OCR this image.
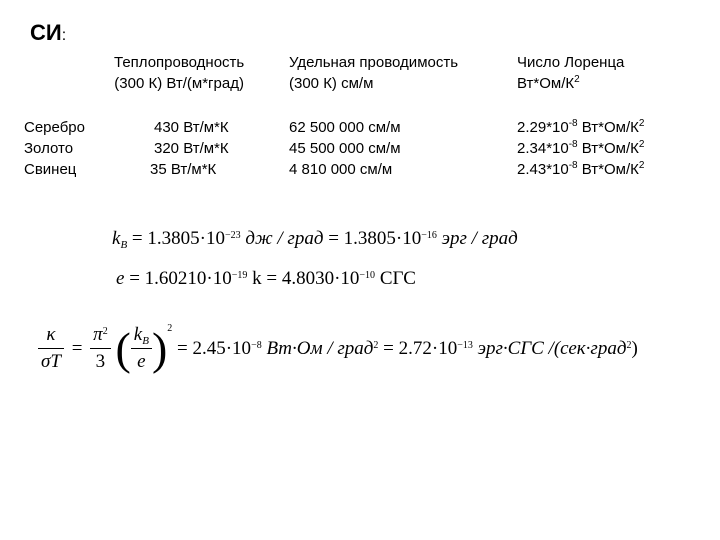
СИ:
Теплопроводность
(300 К) Вт/(м*град)
Удельная проводимость
(300 К) см/м
Число Лоренца
$Вт*Ом/К^2$
Серебро
Золото
Свинец
430 Вт/м*К
320 Вт/м*К
35 Вт/м*К
62 500 000 см/м
45 500 000 см/м
4 810 000 см/м
$2.29*10^{-8}$ $Вт*Ом/К^2$
$2.34*10^{-8}$ $Вт*Ом/К^2$
$2.43*10^{-8}$ $Вт*Ом/К^2$
$k_B = 1.3805\cdot 10^{-23}$ дж / град = $1.3805\cdot 10^{-16}$ эрг / град
$e = 1.60210\cdot 10^{-19}$ $k = 4.8030\cdot 10^{-10}$ СГС
$\frac{\kappa}{\sigma T} = \frac{\pi^2}{3}$ ( $\frac{k_B}{e} )^2 = 2.45\cdot 10^{-8}$ Вт·Ом / град$^2$ = $2.72\cdot 10^{-13}$ эрг·СГС /(сек·град$^2$)
